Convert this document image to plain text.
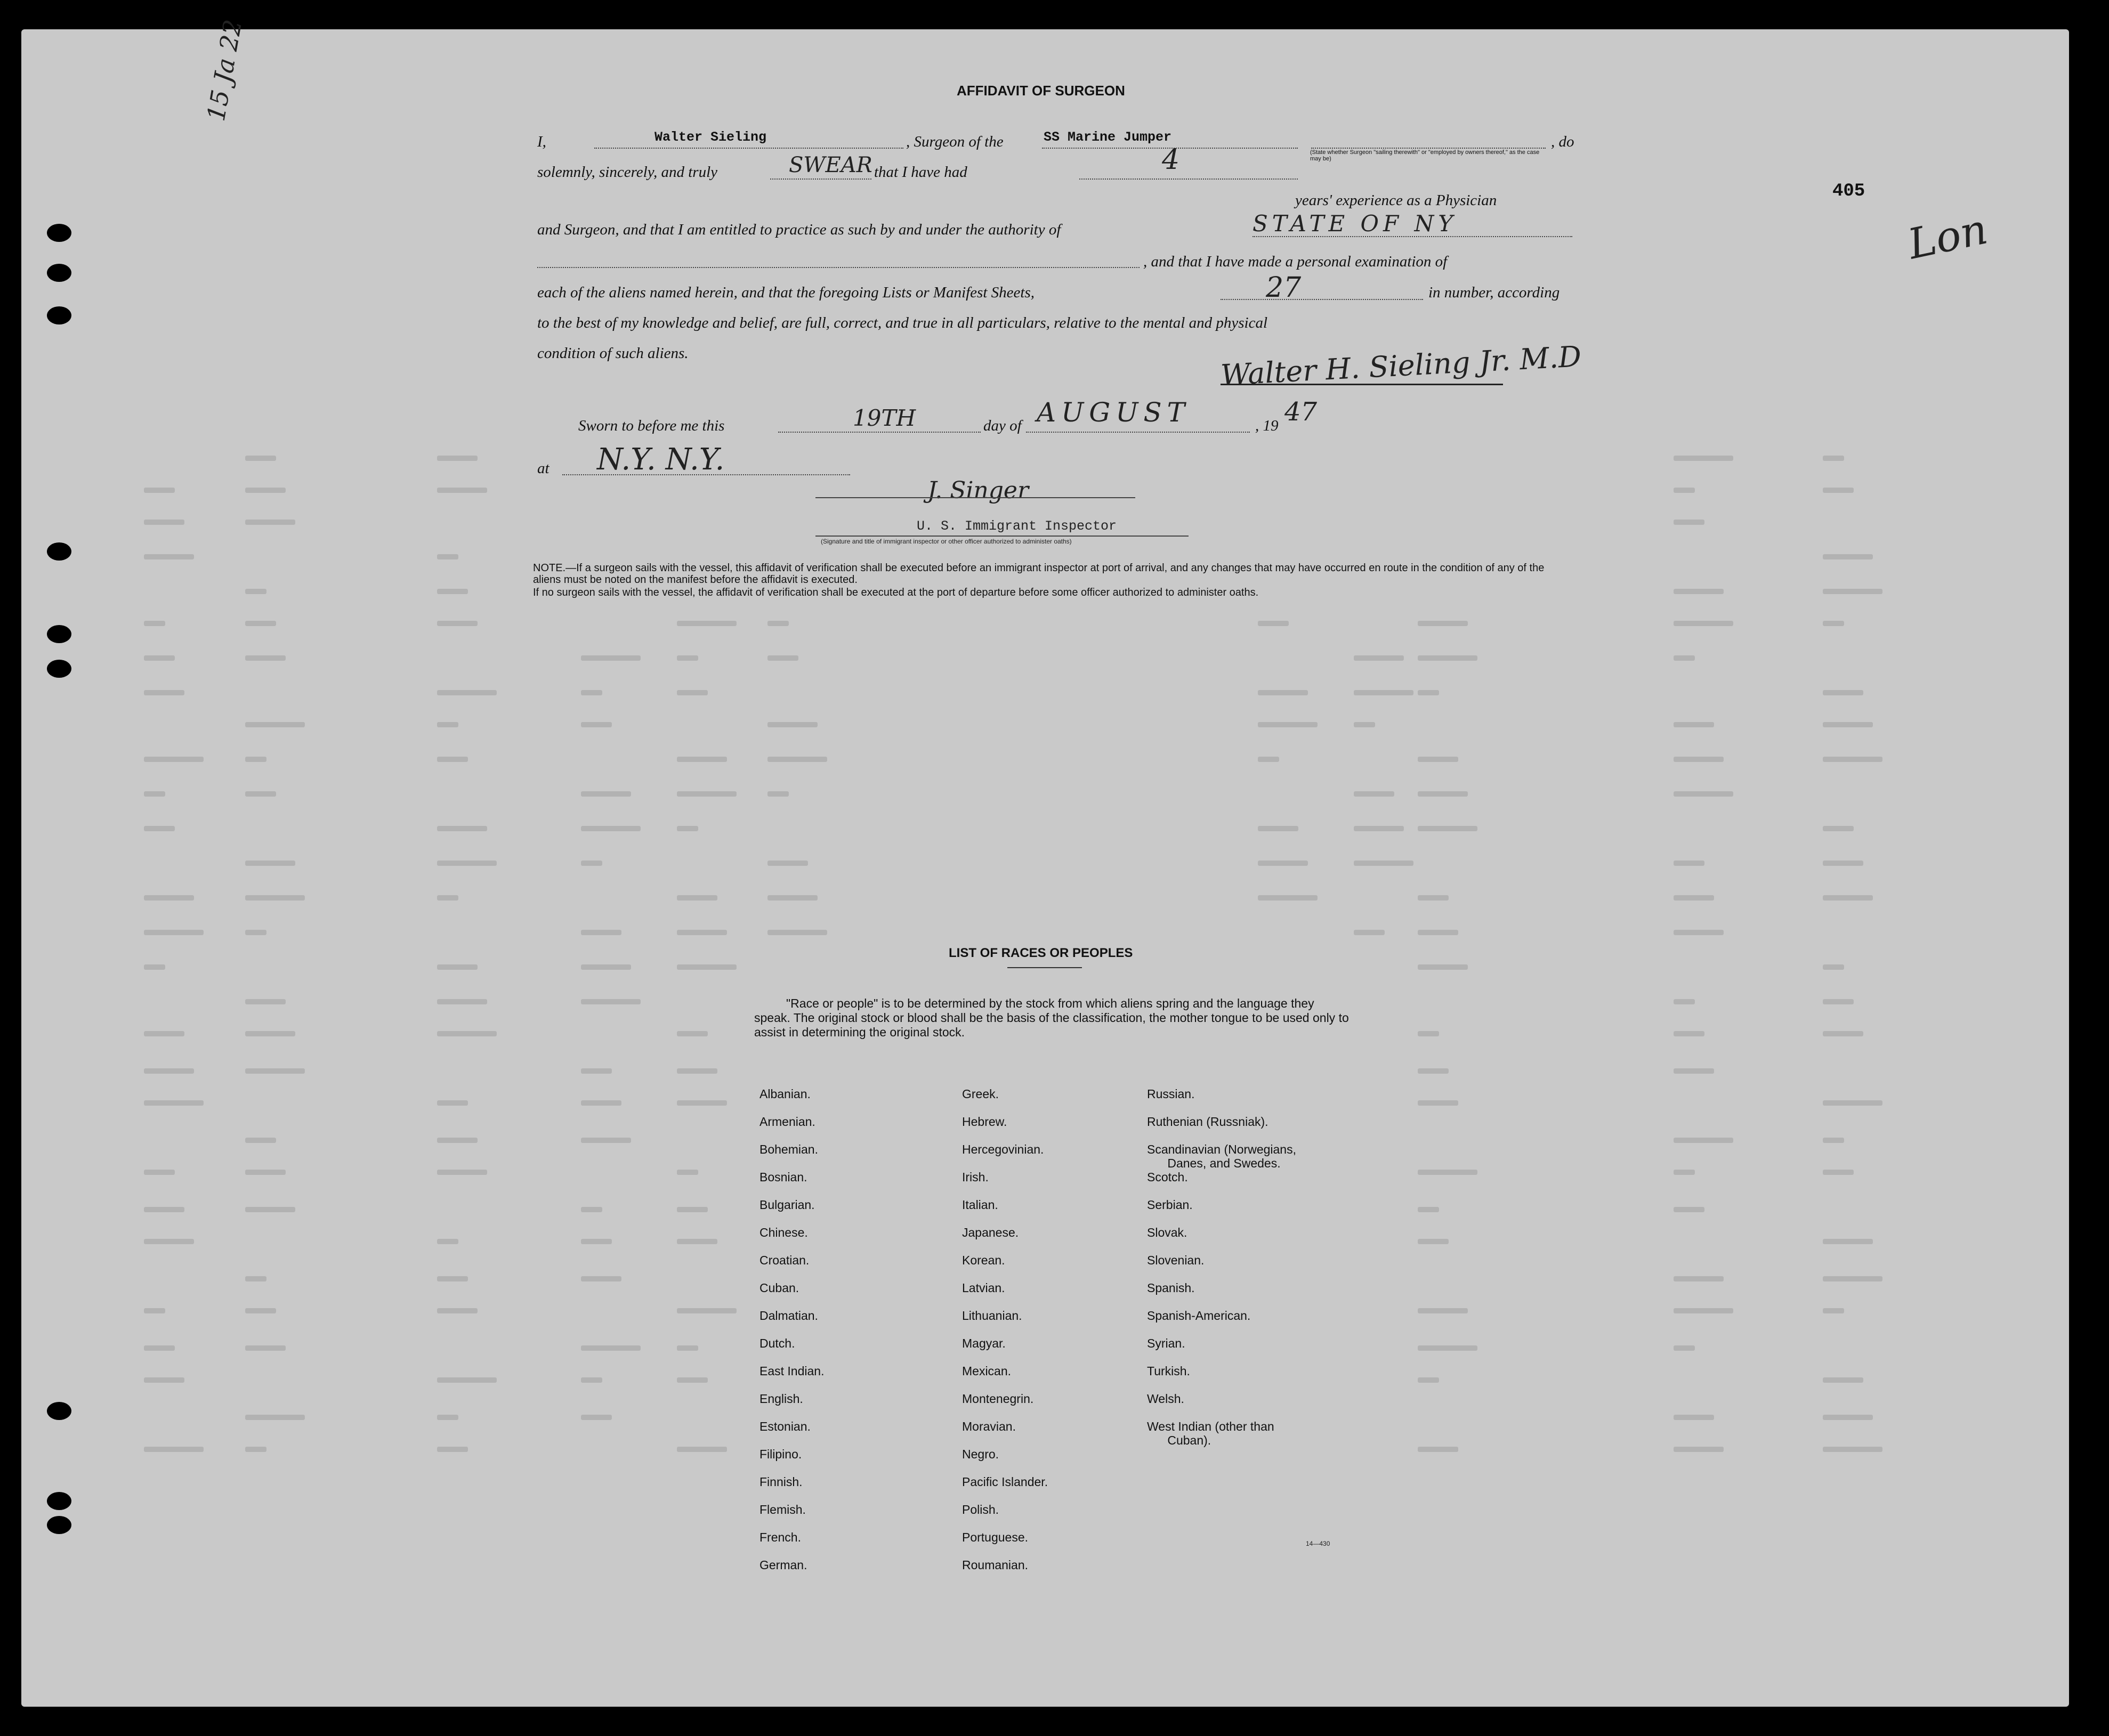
15 Ja 22
405
Lon
AFFIDAVIT OF SURGEON
I,	Walter Sieling	, Surgeon of the	SS Marine Jumper	, do
(State whether Surgeon "sailing therewith" or "employed by owners thereof," as the case may be)
solemnly, sincerely, and truly	SWEAR that I have had	4
years' experience as a Physician
and Surgeon, and that I am entitled to practice as such by and under the authority of	STATE OF NY
, and that I have made a personal examination of
each of the aliens named herein, and that the foregoing Lists or Manifest Sheets,	27	in number, according
to the best of my knowledge and belief, are full, correct, and true in all particulars, relative to the mental and physical
condition of such aliens.	Walter H. Sieling Jr. M.D
Sworn to before me this	19TH	day of AUGUST	, 19 47
at N.Y. N.Y.
J. Singer
U. S. Immigrant Inspector
(Signature and title of immigrant inspector or other officer authorized to administer oaths)
NOTE.—If a surgeon sails with the vessel, this affidavit of verification shall be executed before an immigrant inspector at port of arrival, and any changes that may have occurred en route in the condition of any of the aliens must be noted on the manifest before the affidavit is executed.
If no surgeon sails with the vessel, the affidavit of verification shall be executed at the port of departure before some officer authorized to administer oaths.
LIST OF RACES OR PEOPLES
"Race or people" is to be determined by the stock from which aliens spring and the language they speak. The original stock or blood shall be the basis of the classification, the mother tongue to be used only to assist in determining the original stock.
Albanian.
Armenian.
Bohemian.
Bosnian.
Bulgarian.
Chinese.
Croatian.
Cuban.
Dalmatian.
Dutch.
East Indian.
English.
Estonian.
Filipino.
Finnish.
Flemish.
French.
German.
Greek.
Hebrew.
Hercegovinian.
Irish.
Italian.
Japanese.
Korean.
Latvian.
Lithuanian.
Magyar.
Mexican.
Montenegrin.
Moravian.
Negro.
Pacific Islander.
Polish.
Portuguese.
Roumanian.
Russian.
Ruthenian (Russniak).
Scandinavian (Norwegians,
Danes, and Swedes.
Scotch.
Serbian.
Slovak.
Slovenian.
Spanish.
Spanish-American.
Syrian.
Turkish.
Welsh.
West Indian (other than
Cuban).
14—430
